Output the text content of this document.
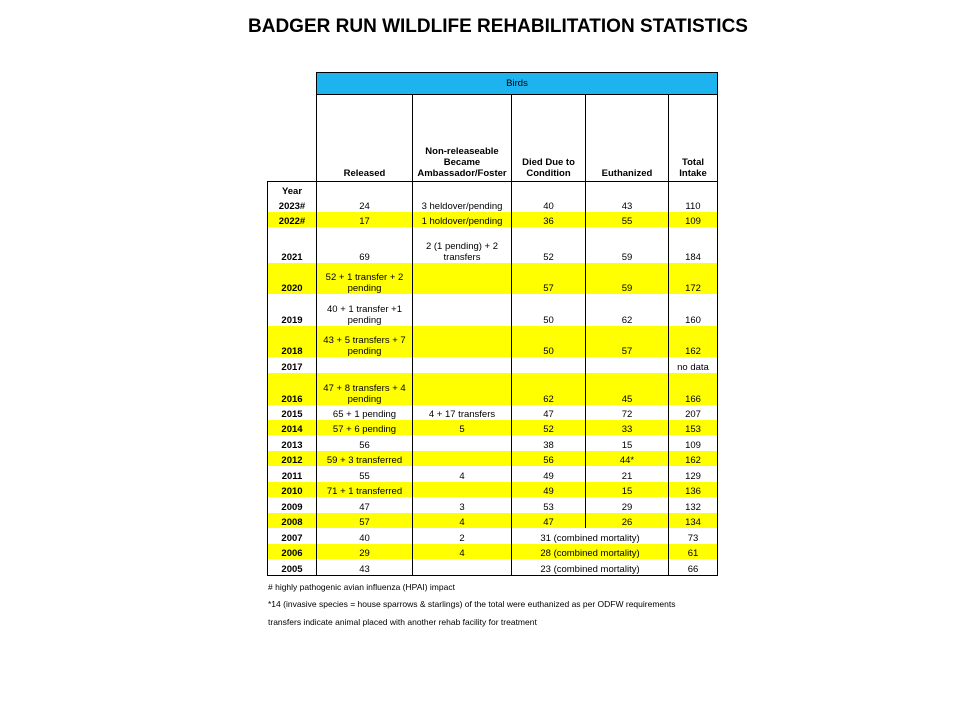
BADGER RUN WILDLIFE REHABILITATION STATISTICS
	Birds				
	Released	Non-releaseable Became Ambassador/Foster	Died Due to Condition	Euthanized	Total Intake
Year					
2023#	24	3 heldover/pending	40	43	110
2022#	17	1 holdover/pending	36	55	109
2021	69	2 (1 pending) + 2 transfers	52	59	184
2020	52 + 1 transfer + 2 pending		57	59	172
2019	40 + 1 transfer +1 pending		50	62	160
2018	43 + 5 transfers + 7 pending		50	57	162
2017					no data
2016	47 + 8 transfers + 4 pending		62	45	166
2015	65 + 1 pending	4 + 17 transfers	47	72	207
2014	57 + 6 pending	5	52	33	153
2013	56		38	15	109
2012	59 + 3 transferred		56	44*	162
2011	55	4	49	21	129
2010	71 + 1 transferred		49	15	136
2009	47	3	53	29	132
2008	57	4	47	26	134
2007	40	2	31 (combined mortality)		73
2006	29	4	28 (combined mortality)		61
2005	43		23 (combined mortality)		66

# highly pathogenic avian influenza (HPAI) impact

*14 (invasive species = house sparrows & starlings) of the total were euthanized as per ODFW requirements

transfers indicate animal placed with another rehab facility for treatment
